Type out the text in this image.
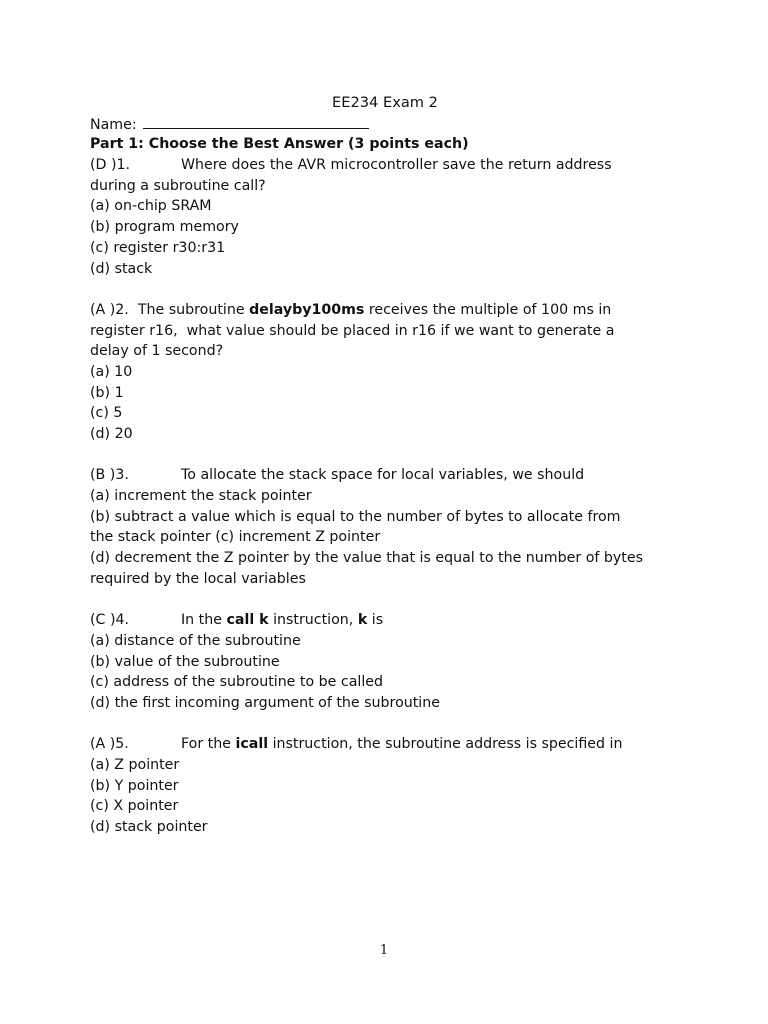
EE234 Exam 2
Name:
Part 1: Choose the Best Answer (3 points each)
(D )1.	Where does the AVR microcontroller save the return address
during a subroutine call?
(a) on-chip SRAM
(b) program memory
(c) register r30:r31
(d) stack
(A )2. The subroutine delayby100ms receives the multiple of 100 ms in
register r16,  what value should be placed in r16 if we want to generate a
delay of 1 second?
(a) 10
(b) 1
(c) 5
(d) 20
(B )3.	To allocate the stack space for local variables, we should
(a) increment the stack pointer
(b) subtract a value which is equal to the number of bytes to allocate from
the stack pointer (c) increment Z pointer
(d) decrement the Z pointer by the value that is equal to the number of bytes
required by the local variables
(C )4.	In the call k instruction, k is
(a) distance of the subroutine
(b) value of the subroutine
(c) address of the subroutine to be called
(d) the first incoming argument of the subroutine
(A )5.	For the icall instruction, the subroutine address is specified in
(a) Z pointer
(b) Y pointer
(c) X pointer
(d) stack pointer
1
